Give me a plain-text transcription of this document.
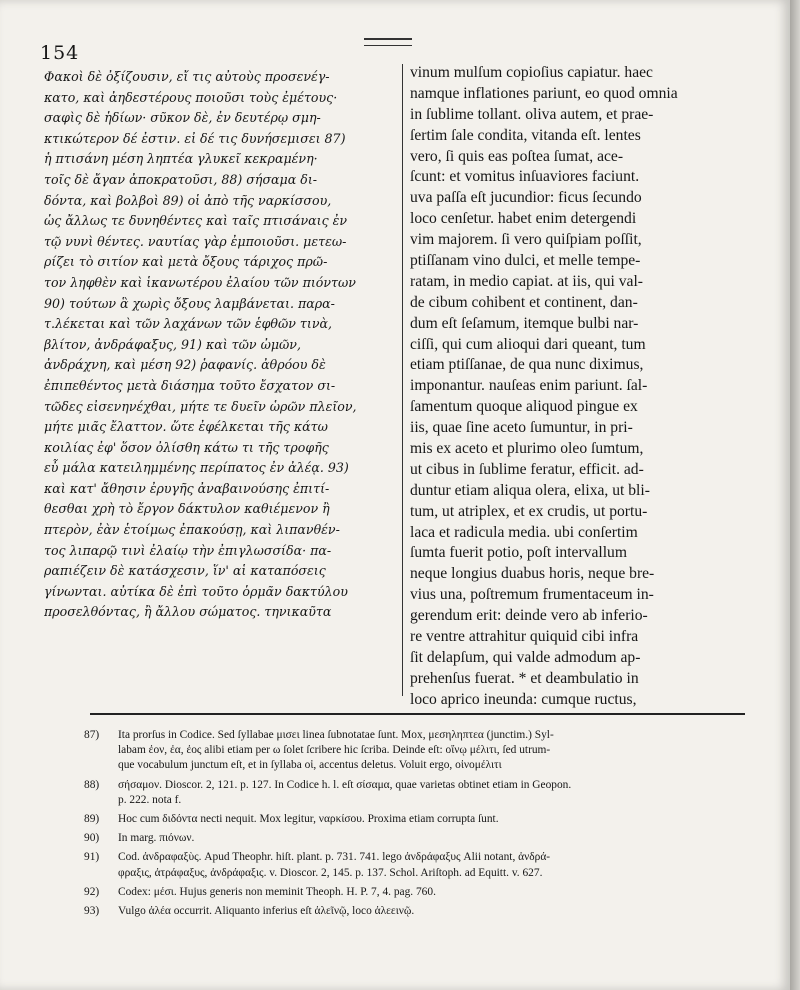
154
Φακοὶ δὲ ὀξίζουσιν, εἴ τις αὐτοὺς προσενέγ-
κατο, καὶ ἀηδεστέρους ποιοῦσι τοὺς ἐμέτους·
σαφὶς δὲ ἡδίων· σῦκον δὲ, ἐν δευτέρῳ σμη-
κτικώτερον δέ ἐστιν. εἰ δέ τις δυνήσεμισει 87)
ἡ πτισάνη μέση ληπτέα γλυκεῖ κεκραμένη·
τοῖς δὲ ἄγαν ἀποκρατοῦσι, 88) σήσαμα δι-
δόντα, καὶ βολβοὶ 89) οἱ ἀπὸ τῆς ναρκίσσου,
ὡς ἄλλως τε δυνηθέντες καὶ ταῖς πτισάναις ἐν
τῷ νυνὶ θέντες. ναυτίας γὰρ ἐμποιοῦσι. μετεω-
ρίζει τὸ σιτίον καὶ μετὰ ὄξους τάριχος πρῶ-
τον ληφθὲν καὶ ἱκανωτέρου ἐλαίου τῶν πιόντων
90) τούτων ἃ χωρὶς ὄξους λαμβάνεται. παρα-
τ.λέκεται καὶ τῶν λαχάνων τῶν ἑφθῶν τινὰ,
βλίτον, ἀνδράφαξυς, 91) καὶ τῶν ὠμῶν,
ἀνδράχνη, καὶ μέση 92) ῥαφανίς. ἀθρόου δὲ
ἐπιπεθέντος μετὰ διάσημα τοῦτο ἔσχατον σι-
τῶδες εἰσενηνέχθαι, μήτε τε δυεῖν ὡρῶν πλεῖον,
μήτε μιᾶς ἔλαττον. ὥτε ἐφέλκεται τῆς κάτω
κοιλίας ἐφ' ὅσον ὀλίσθη κάτω τι τῆς τροφῆς
εὖ μάλα κατειλημμένης περίπατος ἐν ἀλέᾳ. 93)
καὶ κατ' ἄθησιν ἐρυγῆς ἀναβαινούσης ἐπιτί-
θεσθαι χρὴ τὸ ἔργον δάκτυλον καθιέμενον ἢ
πτερὸν, ἐὰν ἑτοίμως ἐπακούσῃ, καὶ λιπανθέν-
τος λιπαρῷ τινὶ ἐλαίῳ τὴν ἐπιγλωσσίδα· πα-
ραπιέζειν δὲ κατάσχεσιν, ἵν' αἱ καταπόσεις
γίνωνται. αὐτίκα δὲ ἐπὶ τοῦτο ὁρμᾶν δακτύλου
προσελθόντας, ἢ ἄλλου σώματος. τηνικαῦτα
vinum mulſum copioſius capiatur. haec
namque inflationes pariunt, eo quod omnia
in ſublime tollant. oliva autem, et prae-
ſertim ſale condita, vitanda eſt. lentes
vero, ſi quis eas poſtea ſumat, ace-
ſcunt: et vomitus inſuaviores faciunt.
uva paſſa eſt jucundior: ficus ſecundo
loco cenſetur. habet enim detergendi
vim majorem. ſi vero quiſpiam poſſit,
ptiſſanam vino dulci, et melle tempe-
ratam, in medio capiat. at iis, qui val-
de cibum cohibent et continent, dan-
dum eſt ſeſamum, itemque bulbi nar-
ciſſi, qui cum alioqui dari queant, tum
etiam ptiſſanae, de qua nunc diximus,
imponantur. nauſeas enim pariunt. ſal-
ſamentum quoque aliquod pingue ex
iis, quae ſine aceto ſumuntur, in pri-
mis ex aceto et plurimo oleo ſumtum,
ut cibus in ſublime feratur, efficit. ad-
duntur etiam aliqua olera, elixa, ut bli-
tum, ut atriplex, et ex crudis, ut portu-
laca et radicula media. ubi conſertim
ſumta fuerit potio, poſt intervallum
neque longius duabus horis, neque bre-
vius una, poſtremum frumentaceum in-
gerendum erit: deinde vero ab inferio-
re ventre attrahitur quiquid cibi infra
ſit delapſum, qui valde admodum ap-
prehenſus fuerat. * et deambulatio in
loco aprico ineunda: cumque ructus,
87)	Ita prorſus in Codice. Sed ſyllabae μισει linea ſubnotatae ſunt. Mox, μεσηληπτεα (junctim.) Syl-
labam ἐον, ἐα, ἐος alibi etiam per ω ſolet ſcribere hic ſcriba. Deinde eſt: οἴνῳ μέλιτι, ſed utrum-
que vocabulum junctum eſt, et in ſyllaba οἱ, accentus deletus. Voluit ergo, οἰνομέλιτι
88)	σήσαμον. Dioscor. 2, 121. p. 127. In Codice h. l. eſt σίσαμα, quae varietas obtinet etiam in Geopon.
p. 222. nota f.
89)	Hoc cum διδόντα necti nequit. Mox legitur, ναρκίσου. Proxima etiam corrupta ſunt.
90)	In marg. πιόνων.
91)	Cod. ἀνδραφαξὺς. Apud Theophr. hiſt. plant. p. 731. 741. lego ἀνδράφαξυς Alii notant, ἀνδρά-
φραξις, ἀτράφαξυς, ἀνδράφαξις. v. Dioscor. 2, 145. p. 137. Schol. Ariſtoph. ad Equitt. v. 627.
92)	Codex: μέσι. Hujus generis non meminit Theoph. H. P. 7, 4. pag. 760.
93)	Vulgo ἀλέα occurrit. Aliquanto inferius eſt ἀλεῖνῷ, loco ἀλεεινῷ.
